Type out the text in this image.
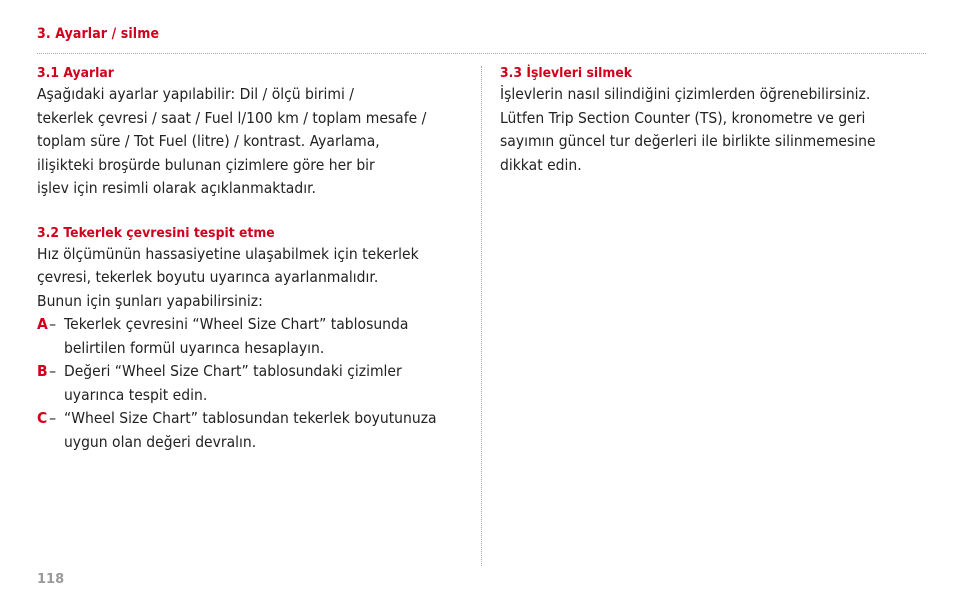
3. Ayarlar / silme
3.1 Ayarlar
Aşağıdaki ayarlar yapılabilir: Dil / ölçü birimi /
tekerlek çevresi / saat / Fuel l/100 km / toplam mesafe /
toplam süre / Tot Fuel (litre) / kontrast. Ayarlama,
ilişikteki broşürde bulunan çizimlere göre her bir
işlev için resimli olarak açıklanmaktadır.
3.2 Tekerlek çevresini tespit etme
Hız ölçümünün hassasiyetine ulaşabilmek için tekerlek
çevresi, tekerlek boyutu uyarınca ayarlanmalıdır.
Bunun için şunları yapabilirsiniz:
A – Tekerlek çevresini “Wheel Size Chart” tablosunda
belirtilen formül uyarınca hesaplayın.
B – Değeri “Wheel Size Chart” tablosundaki çizimler
uyarınca tespit edin.
C – “Wheel Size Chart” tablosundan tekerlek boyutunuza
uygun olan değeri devralın.
3.3 İşlevleri silmek
İşlevlerin nasıl silindiğini çizimlerden öğrenebilirsiniz.
Lütfen Trip Section Counter (TS), kronometre ve geri
sayımın güncel tur değerleri ile birlikte silinmemesine
dikkat edin.
118
